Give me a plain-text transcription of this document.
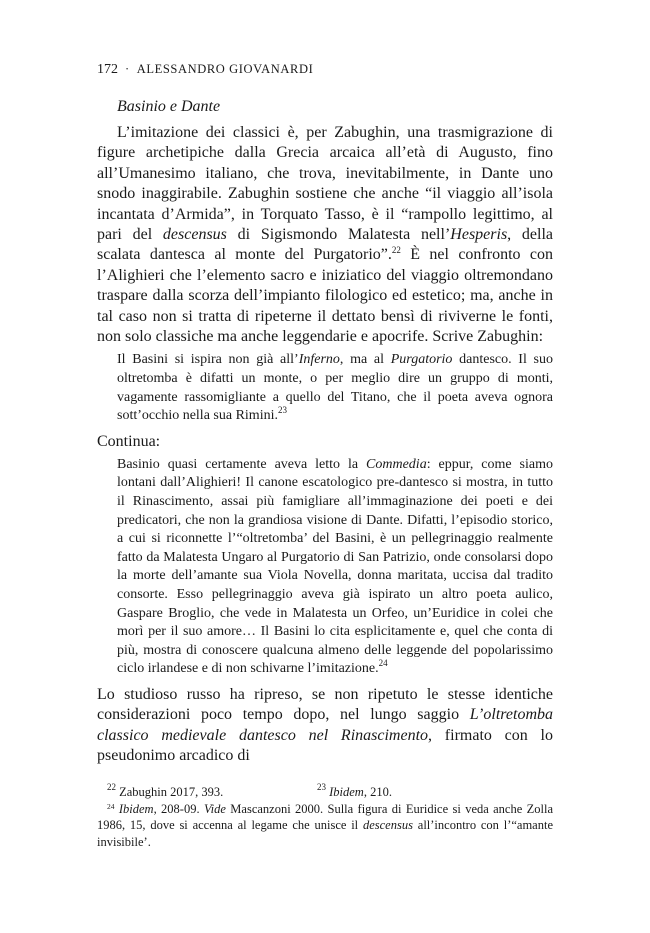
172 · ALESSANDRO GIOVANARDI
Basinio e Dante

L’imitazione dei classici è, per Zabughin, una trasmigrazione di figure archetipiche dalla Grecia arcaica all’età di Augusto, fino all’Umanesimo italiano, che trova, inevitabilmente, in Dante uno snodo inaggirabile. Zabughin sostiene che anche “il viaggio all’isola incantata d’Armida”, in Torquato Tasso, è il “rampollo legittimo, al pari del descensus di Sigismondo Malatesta nell’Hesperis, della scalata dantesca al monte del Purgatorio”.$^{22}$ È nel confronto con l’Alighieri che l’elemento sacro e iniziatico del viaggio oltremondano traspare dalla scorza dell’impianto filologico ed estetico; ma, anche in tal caso non si tratta di ripeterne il dettato bensì di riviverne le fonti, non solo classiche ma anche leggendarie e apocrife. Scrive Zabughin:

Il Basini si ispira non già all’Inferno, ma al Purgatorio dantesco. Il suo oltretomba è difatti un monte, o per meglio dire un gruppo di monti, vagamente rassomigliante a quello del Titano, che il poeta aveva ognora sott’occhio nella sua Rimini.$^{23}$
Continua:
Basinio quasi certamente aveva letto la Commedia: eppur, come siamo lontani dall’Alighieri! Il canone escatologico pre-dantesco si mostra, in tutto il Rinascimento, assai più famigliare all’immaginazione dei poeti e dei predicatori, che non la grandiosa visione di Dante. Difatti, l’episodio storico, a cui si riconnette l’“oltretomba’ del Basini, è un pellegrinaggio realmente fatto da Malatesta Ungaro al Purgatorio di San Patrizio, onde consolarsi dopo la morte dell’amante sua Viola Novella, donna maritata, uccisa dal tradito consorte. Esso pellegrinaggio aveva già ispirato un altro poeta aulico, Gaspare Broglio, che vede in Malatesta un Orfeo, un’Euridice in colei che morì per il suo amore… Il Basini lo cita esplicitamente e, quel che conta di più, mostra di conoscere qualcuna almeno delle leggende del popolarissimo ciclo irlandese e di non schivarne l’imitazione.$^{24}$

Lo studioso russo ha ripreso, se non ripetuto le stesse identiche considerazioni poco tempo dopo, nel lungo saggio L’oltretomba classico medievale dantesco nel Rinascimento, firmato con lo pseudonimo arcadico di

$^{22}$ Zabughin 2017, 393.	$^{23}$ Ibidem, 210.

$^{24}$ Ibidem, 208-09. Vide Mascanzoni 2000. Sulla figura di Euridice si veda anche Zolla 1986, 15, dove si accenna al legame che unisce il descensus all’incontro con l’“amante invisibile’.
